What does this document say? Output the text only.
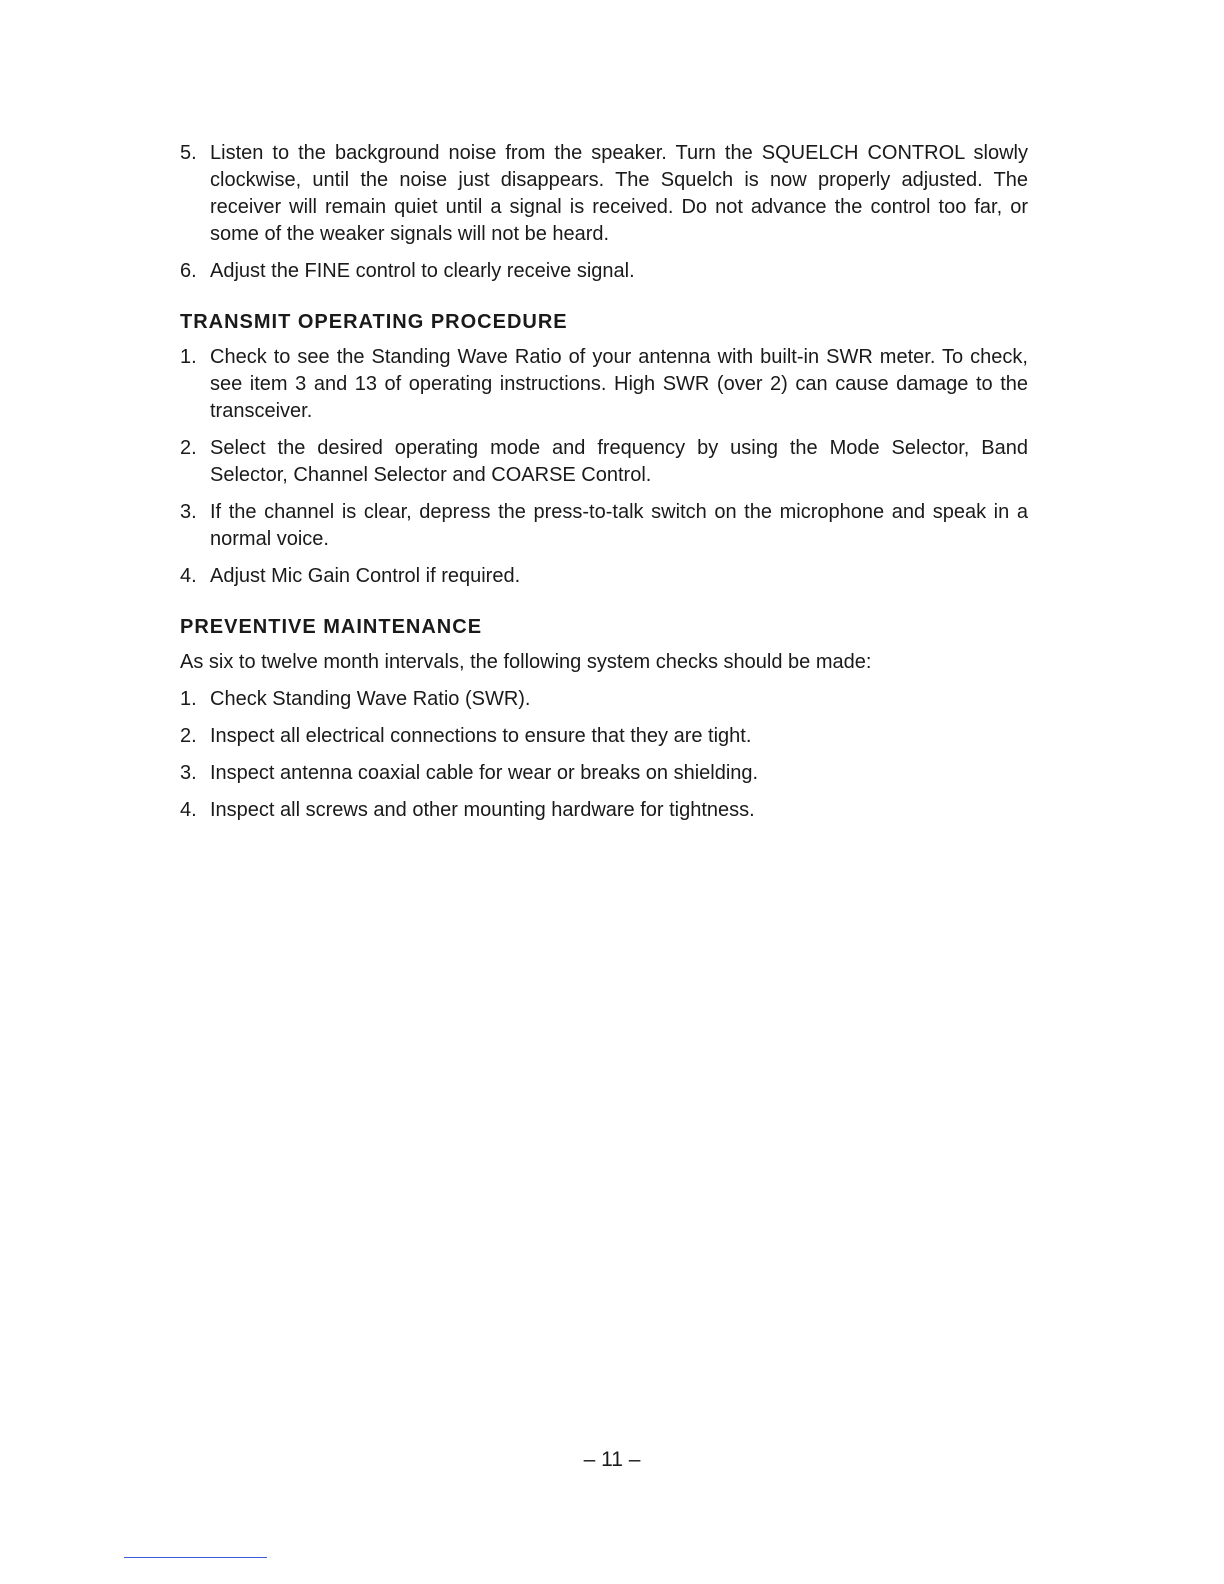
5. Listen to the background noise from the speaker. Turn the SQUELCH CONTROL slowly clockwise, until the noise just disappears. The Squelch is now properly adjusted. The receiver will remain quiet until a signal is received. Do not advance the control too far, or some of the weaker signals will not be heard.
6. Adjust the FINE control to clearly receive signal.
TRANSMIT OPERATING PROCEDURE
1. Check to see the Standing Wave Ratio of your antenna with built-in SWR meter. To check, see item 3 and 13 of operating instructions. High SWR (over 2) can cause damage to the transceiver.
2. Select the desired operating mode and frequency by using the Mode Selector, Band Selector, Channel Selector and COARSE Control.
3. If the channel is clear, depress the press-to-talk switch on the microphone and speak in a normal voice.
4. Adjust Mic Gain Control if required.
PREVENTIVE MAINTENANCE
As six to twelve month intervals, the following system checks should be made:
1. Check Standing Wave Ratio (SWR).
2. Inspect all electrical connections to ensure that they are tight.
3. Inspect antenna coaxial cable for wear or breaks on shielding.
4. Inspect all screws and other mounting hardware for tightness.
– 11 –
